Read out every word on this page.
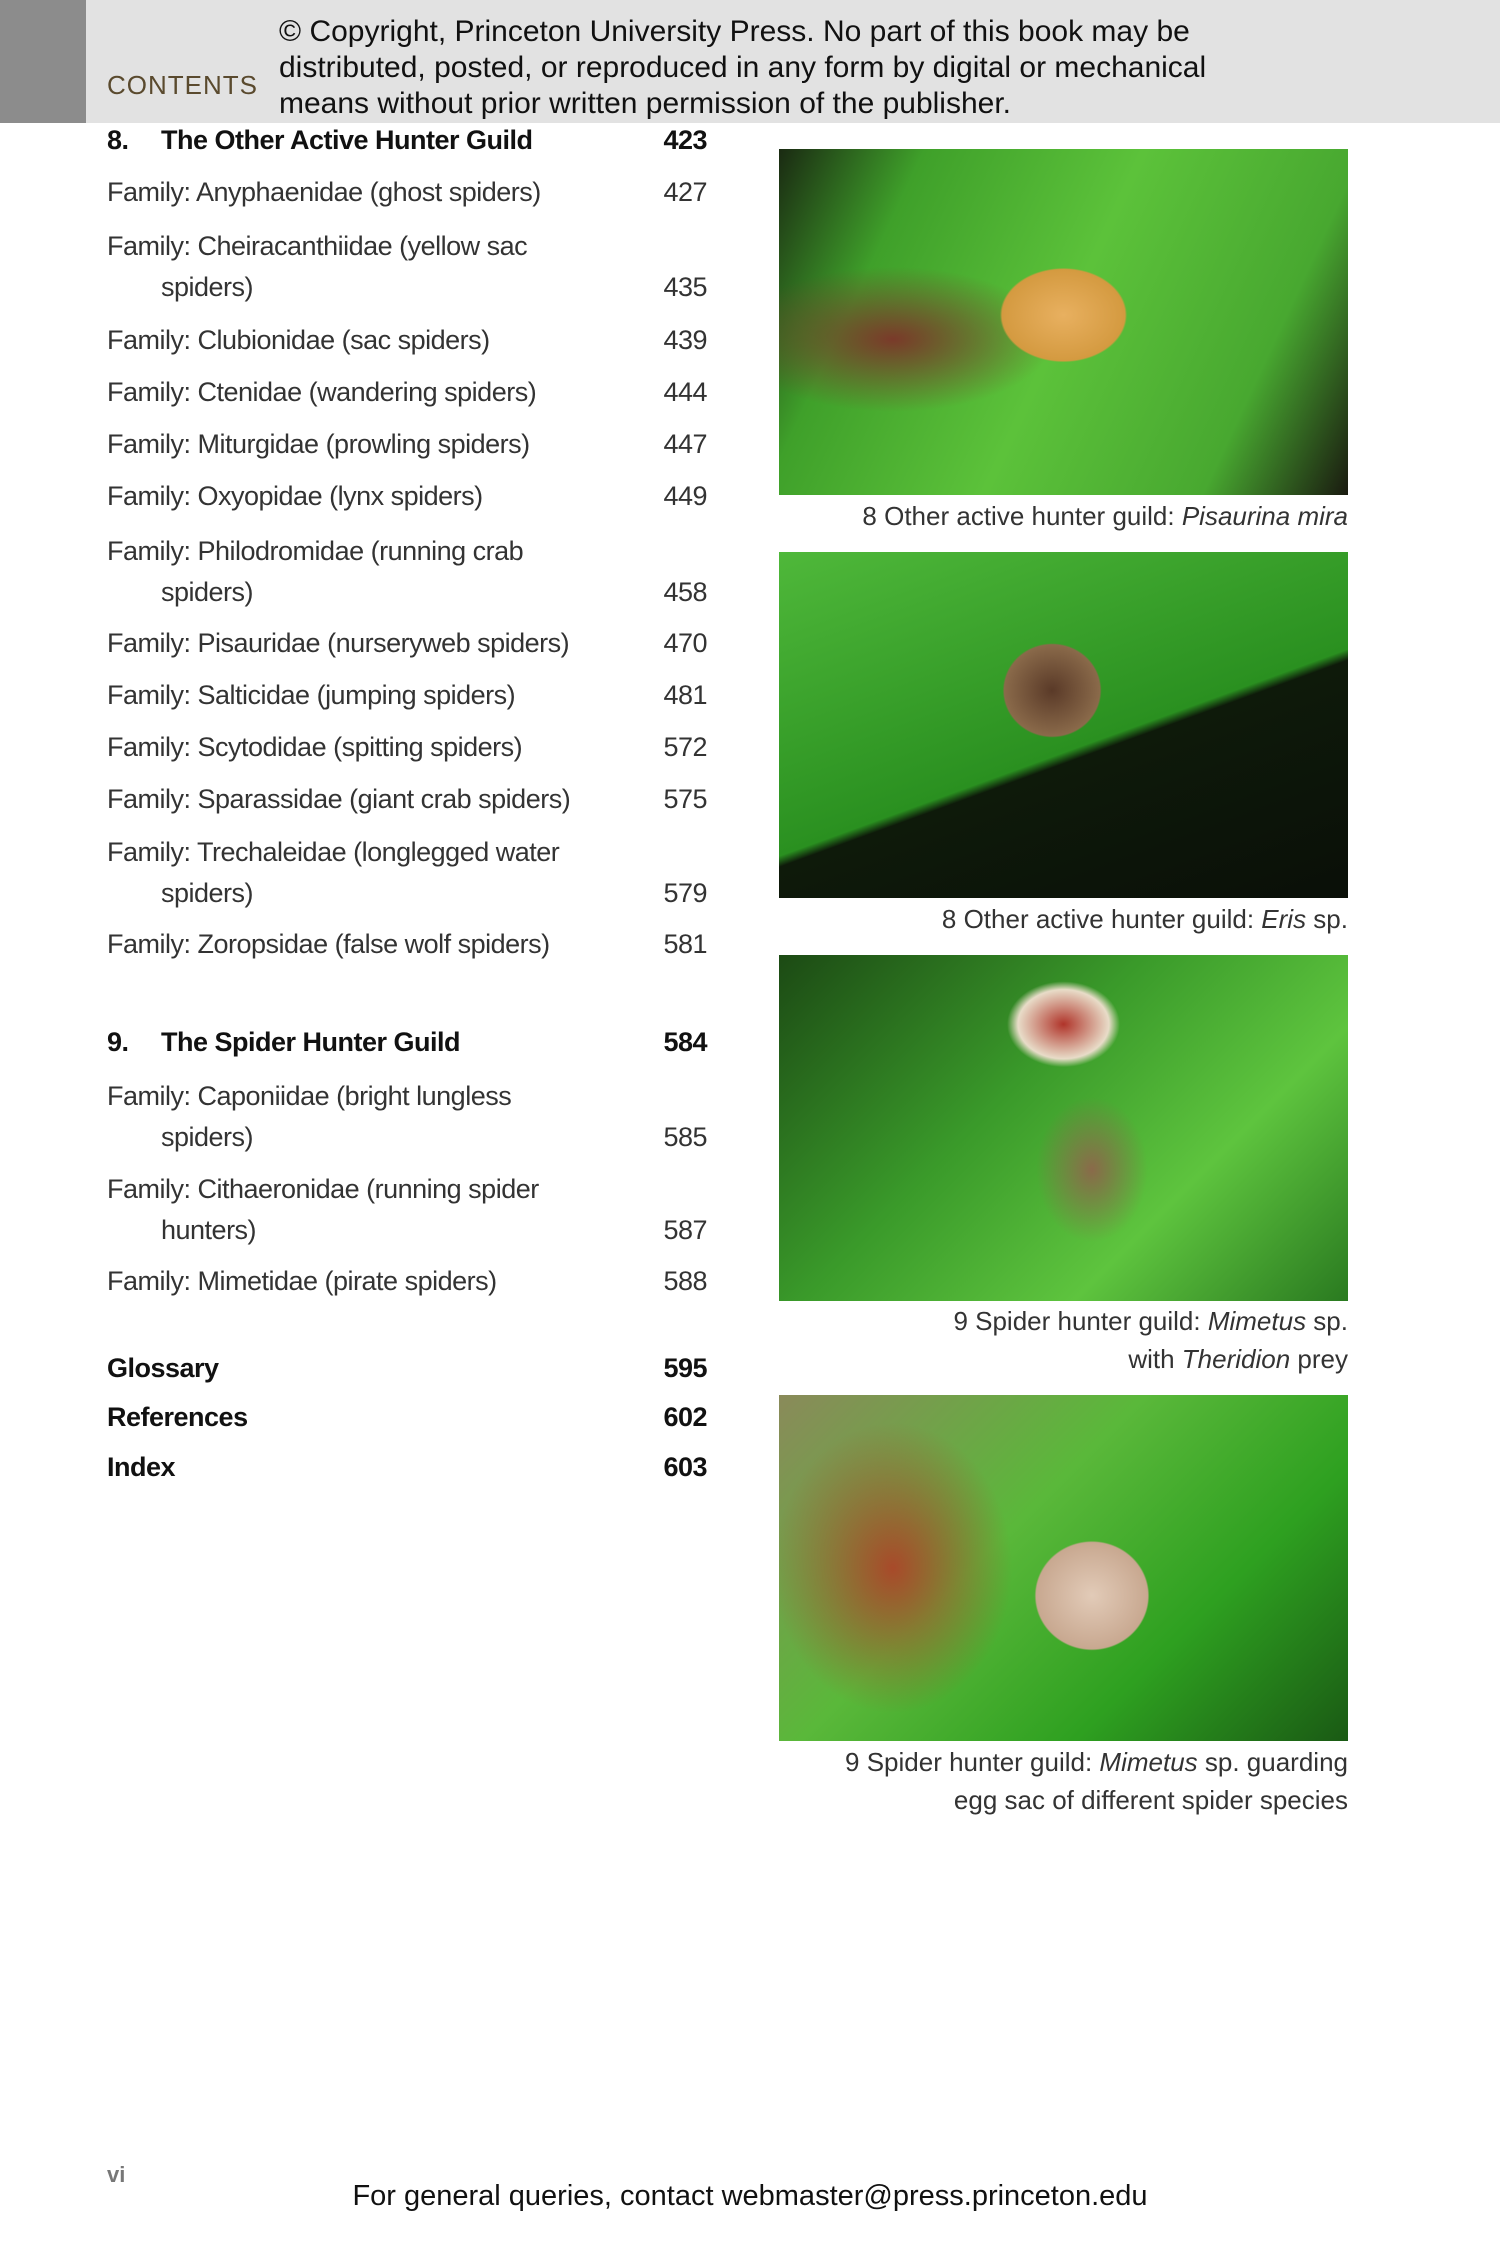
CONTENTS
© Copyright, Princeton University Press. No part of this book may be
distributed, posted, or reproduced in any form by digital or mechanical
means without prior written permission of the publisher.
8. The Other Active Hunter Guild	423
Family: Anyphaenidae (ghost spiders)	427
Family: Cheiracanthiidae (yellow sac
spiders)	435
Family: Clubionidae (sac spiders)	439
Family: Ctenidae (wandering spiders)	444
Family: Miturgidae (prowling spiders)	447
Family: Oxyopidae (lynx spiders)	449
Family: Philodromidae (running crab
spiders)	458
Family: Pisauridae (nurseryweb spiders)	470
Family: Salticidae (jumping spiders)	481
Family: Scytodidae (spitting spiders)	572
Family: Sparassidae (giant crab spiders)	575
Family: Trechaleidae (longlegged water
spiders)	579
Family: Zoropsidae (false wolf spiders)	581
9. The Spider Hunter Guild	584
Family: Caponiidae (bright lungless
spiders)	585
Family: Cithaeronidae (running spider
hunters)	587
Family: Mimetidae (pirate spiders)	588
Glossary	595
References	602
Index	603
8 Other active hunter guild: Pisaurina mira
8 Other active hunter guild: Eris sp.
9 Spider hunter guild: Mimetus sp.
with Theridion prey
9 Spider hunter guild: Mimetus sp. guarding
egg sac of different spider species
vi
For general queries, contact webmaster@press.princeton.edu
